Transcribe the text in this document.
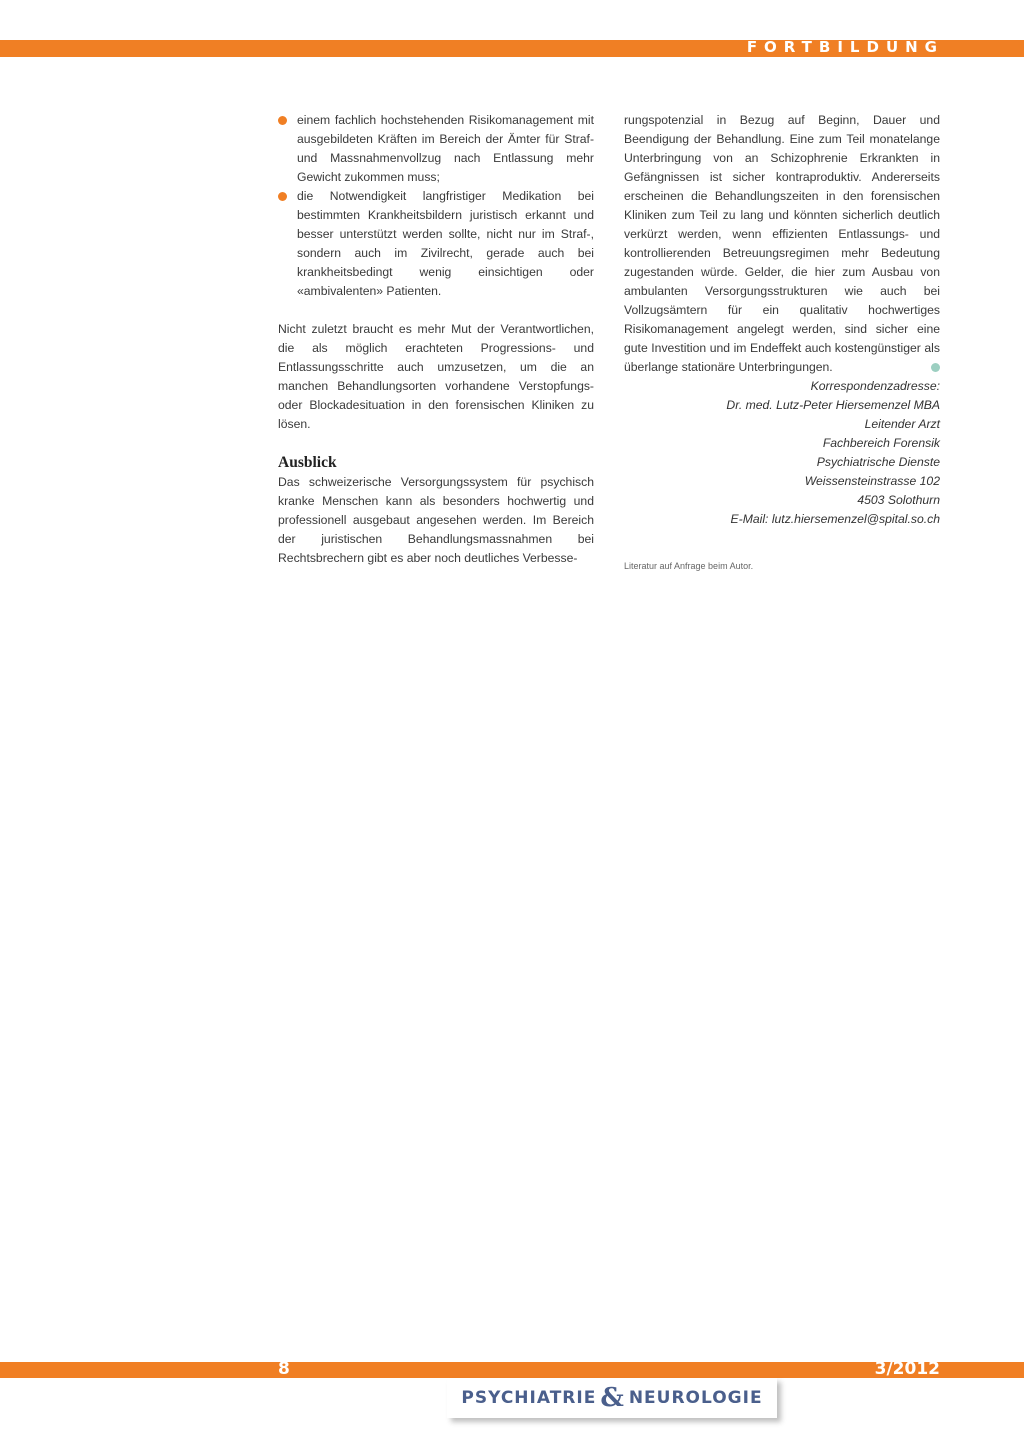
FORTBILDUNG
einem fachlich hochstehenden Risikomanagement mit ausgebildeten Kräften im Bereich der Ämter für Straf- und Massnahmenvollzug nach Entlassung mehr Gewicht zukommen muss;
die Notwendigkeit langfristiger Medikation bei bestimmten Krankheitsbildern juristisch erkannt und besser unterstützt werden sollte, nicht nur im Straf-, sondern auch im Zivilrecht, gerade auch bei krankheitsbedingt wenig einsichtigen oder «ambivalenten» Patienten.

Nicht zuletzt braucht es mehr Mut der Verantwortlichen, die als möglich erachteten Progressions- und Entlassungsschritte auch umzusetzen, um die an manchen Behandlungsorten vorhandene Verstopfungs- oder Blockadesituation in den forensischen Kliniken zu lösen.

Ausblick

Das schweizerische Versorgungssystem für psychisch kranke Menschen kann als besonders hochwertig und professionell ausgebaut angesehen werden. Im Bereich der juristischen Behandlungsmassnahmen bei Rechtsbrechern gibt es aber noch deutliches Verbesse-

rungspotenzial in Bezug auf Beginn, Dauer und Beendigung der Behandlung. Eine zum Teil monatelange Unterbringung von an Schizophrenie Erkrankten in Gefängnissen ist sicher kontraproduktiv. Andererseits erscheinen die Behandlungszeiten in den forensischen Kliniken zum Teil zu lang und könnten sicherlich deutlich verkürzt werden, wenn effizienten Entlassungs- und kontrollierenden Betreuungsregimen mehr Bedeutung zugestanden würde. Gelder, die hier zum Ausbau von ambulanten Versorgungsstrukturen wie auch bei Vollzugsämtern für ein qualitativ hochwertiges Risikomanagement angelegt werden, sind sicher eine gute Investition und im Endeffekt auch kostengünstiger als überlange stationäre Unterbringungen.

Korrespondenzadresse:
Dr. med. Lutz-Peter Hiersemenzel MBA
Leitender Arzt
Fachbereich Forensik
Psychiatrische Dienste
Weissensteinstrasse 102
4503 Solothurn
E-Mail: lutz.hiersemenzel@spital.so.ch
Literatur auf Anfrage beim Autor.
8	3/2012
PSYCHIATRIE & NEUROLOGIE
